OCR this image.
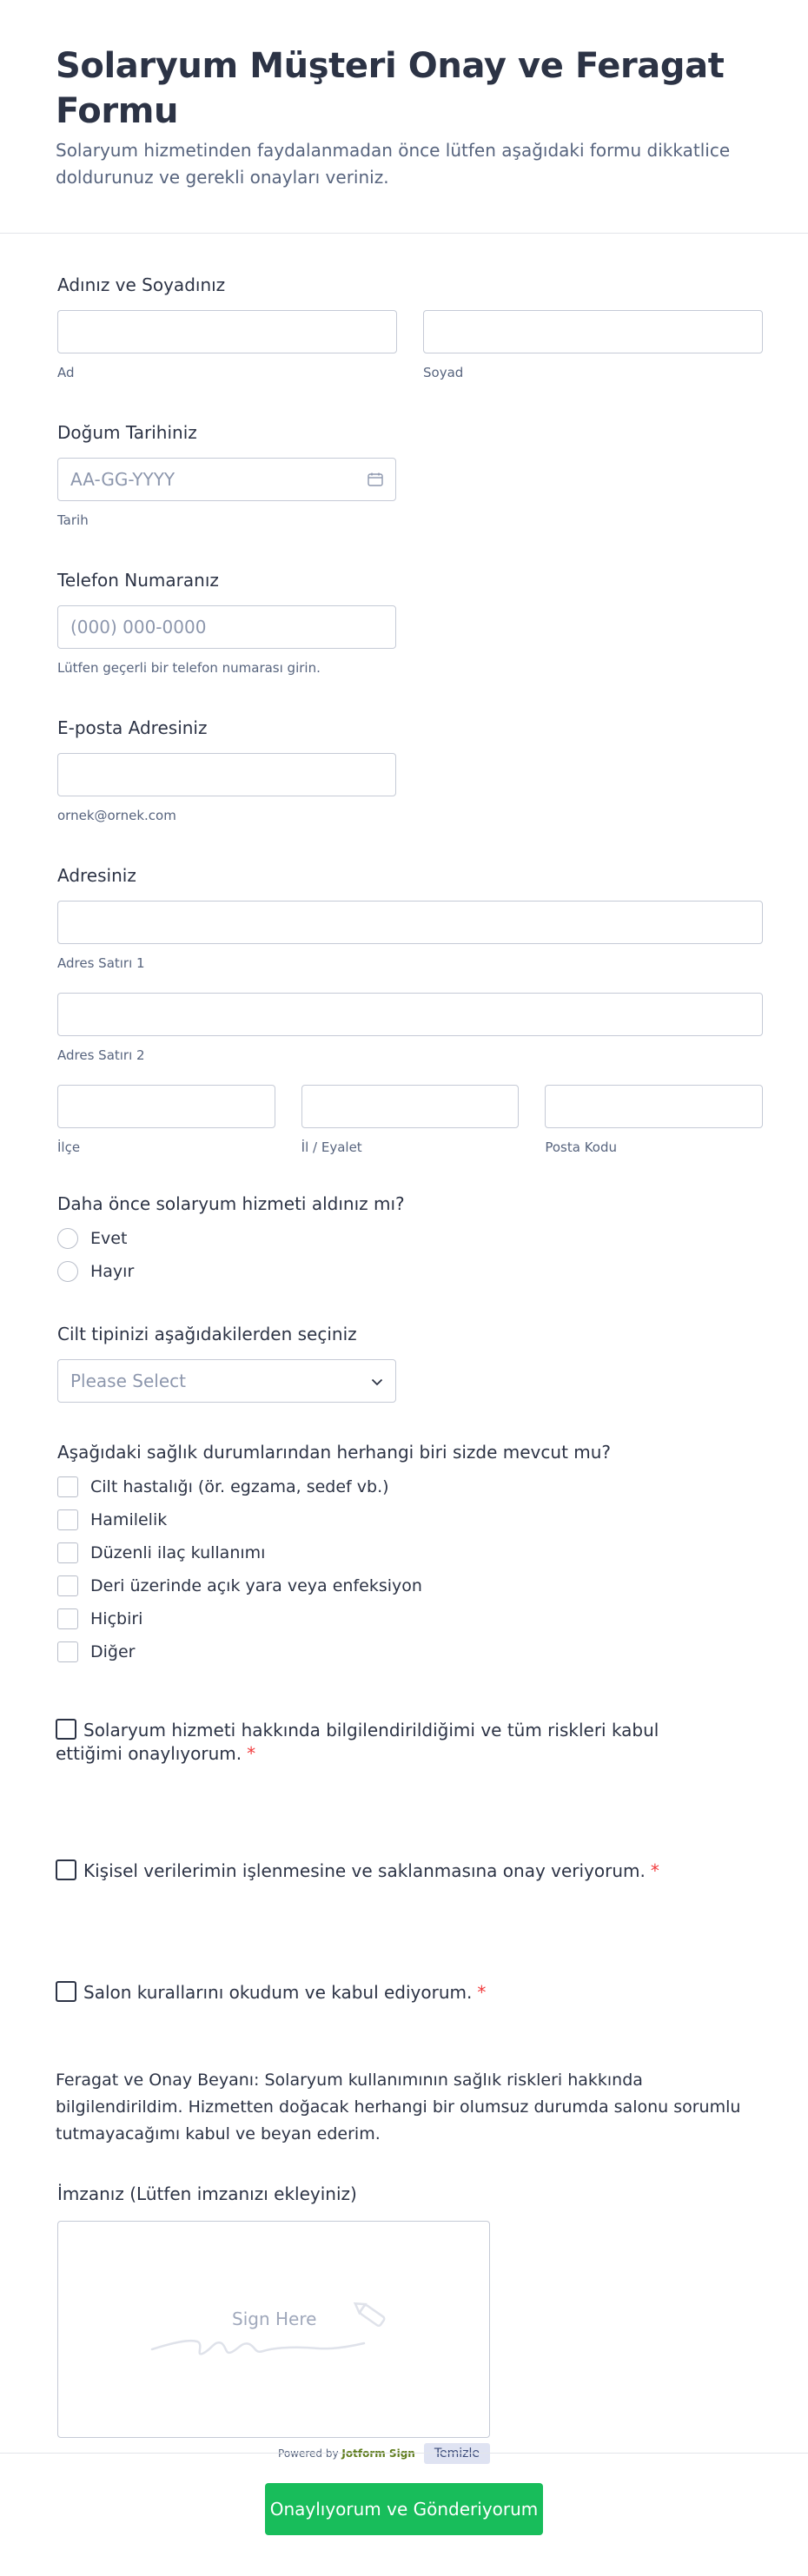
Solaryum Müşteri Onay ve Feragat Formu

Solaryum hizmetinden faydalanmadan önce lütfen aşağıdaki formu dikkatlice doldurunuz ve gerekli onayları veriniz.

Adınız ve Soyadınız
Ad	Soyad
Doğum Tarihiniz
AA-GG-YYYY
Tarih
Telefon Numaranız
(000) 000-0000
Lütfen geçerli bir telefon numarası girin.
E-posta Adresiniz
ornek@ornek.com
Adresiniz
Adres Satırı 1
Adres Satırı 2
İlçe	İl / Eyalet	Posta Kodu
Daha önce solaryum hizmeti aldınız mı?
Evet
Hayır
Cilt tipinizi aşağıdakilerden seçiniz
Please Select
Aşağıdaki sağlık durumlarından herhangi biri sizde mevcut mu?
Cilt hastalığı (ör. egzama, sedef vb.)
Hamilelik
Düzenli ilaç kullanımı
Deri üzerinde açık yara veya enfeksiyon
Hiçbiri
Diğer
Solaryum hizmeti hakkında bilgilendirildiğimi ve tüm riskleri kabul ettiğimi onaylıyorum. *
Kişisel verilerimin işlenmesine ve saklanmasına onay veriyorum. *
Salon kurallarını okudum ve kabul ediyorum. *

Feragat ve Onay Beyanı: Solaryum kullanımının sağlık riskleri hakkında bilgilendirildim. Hizmetten doğacak herhangi bir olumsuz durumda salonu sorumlu tutmayacağımı kabul ve beyan ederim.

İmzanız (Lütfen imzanızı ekleyiniz)
Sign Here
Powered by Jotform Sign	Temizle
Onaylıyorum ve Gönderiyorum
